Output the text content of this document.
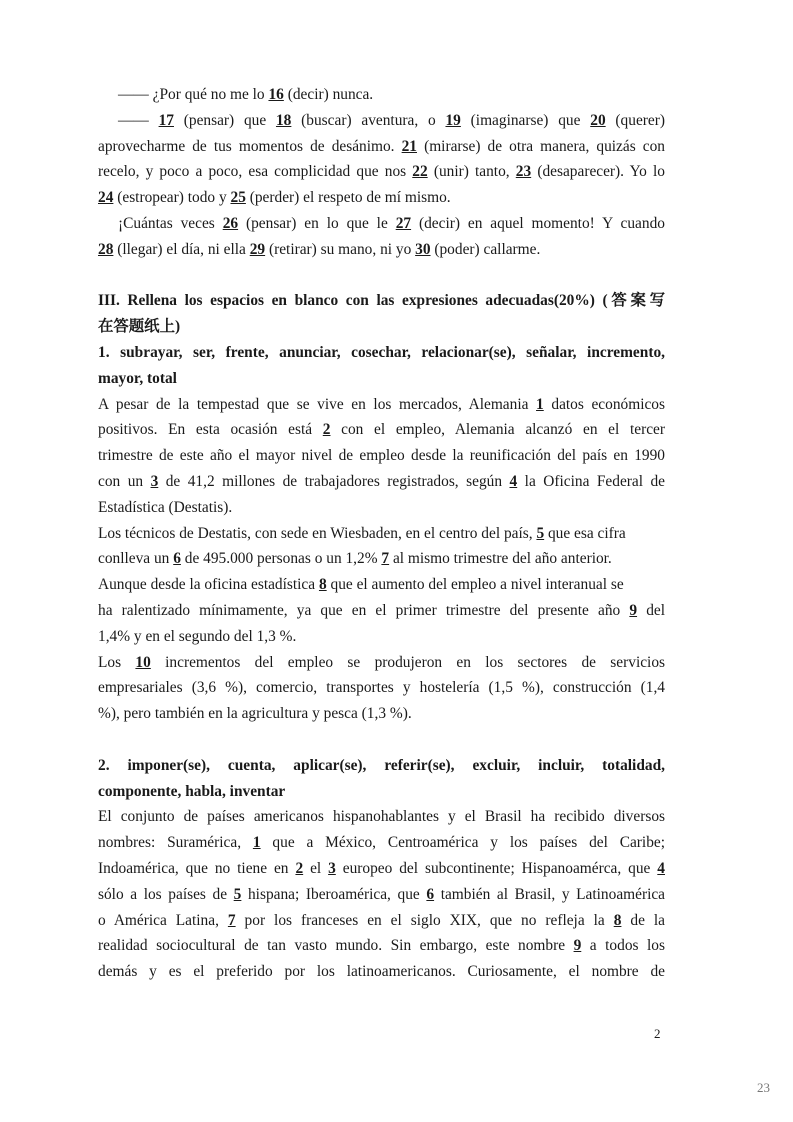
—— ¿Por qué no me lo 16 (decir) nunca.
—— 17 (pensar) que 18 (buscar) aventura, o 19 (imaginarse) que 20 (querer)
aprovecharme de tus momentos de desánimo. 21 (mirarse) de otra manera, quizás con
recelo, y poco a poco, esa complicidad que nos 22 (unir) tanto, 23 (desaparecer). Yo lo
24 (estropear) todo y 25 (perder) el respeto de mí mismo.
¡Cuántas veces 26 (pensar) en lo que le 27 (decir) en aquel momento! Y cuando
28 (llegar) el día, ni ella 29 (retirar) su mano, ni yo 30 (poder) callarme.
III. Rellena los espacios en blanco con las expresiones adecuadas(20%) (答案写
在答题纸上)
1. subrayar, ser, frente, anunciar, cosechar, relacionar(se), señalar, incremento,
mayor, total
A pesar de la tempestad que se vive en los mercados, Alemania 1 datos económicos
positivos. En esta ocasión está 2 con el empleo, Alemania alcanzó en el tercer
trimestre de este año el mayor nivel de empleo desde la reunificación del país en 1990
con un 3 de 41,2 millones de trabajadores registrados, según 4 la Oficina Federal de
Estadística (Destatis).
Los técnicos de Destatis, con sede en Wiesbaden, en el centro del país, 5 que esa cifra
conlleva un 6 de 495.000 personas o un 1,2% 7 al mismo trimestre del año anterior.
Aunque desde la oficina estadística 8 que el aumento del empleo a nivel interanual se
ha ralentizado mínimamente, ya que en el primer trimestre del presente año 9 del
1,4% y en el segundo del 1,3 %.
Los 10 incrementos del empleo se produjeron en los sectores de servicios
empresariales (3,6 %), comercio, transportes y hostelería (1,5 %), construcción (1,4
%), pero también en la agricultura y pesca (1,3 %).
2. imponer(se), cuenta, aplicar(se), referir(se), excluir, incluir, totalidad,
componente, habla, inventar
El conjunto de países americanos hispanohablantes y el Brasil ha recibido diversos
nombres: Suramérica, 1 que a México, Centroamérica y los países del Caribe;
Indoamérica, que no tiene en 2 el 3 europeo del subcontinente; Hispanoamérca, que 4
sólo a los países de 5 hispana; Iberoamérica, que 6 también al Brasil, y Latinoamérica
o América Latina, 7 por los franceses en el siglo XIX, que no refleja la 8 de la
realidad sociocultural de tan vasto mundo. Sin embargo, este nombre 9 a todos los
demás y es el preferido por los latinoamericanos. Curiosamente, el nombre de
2
23
